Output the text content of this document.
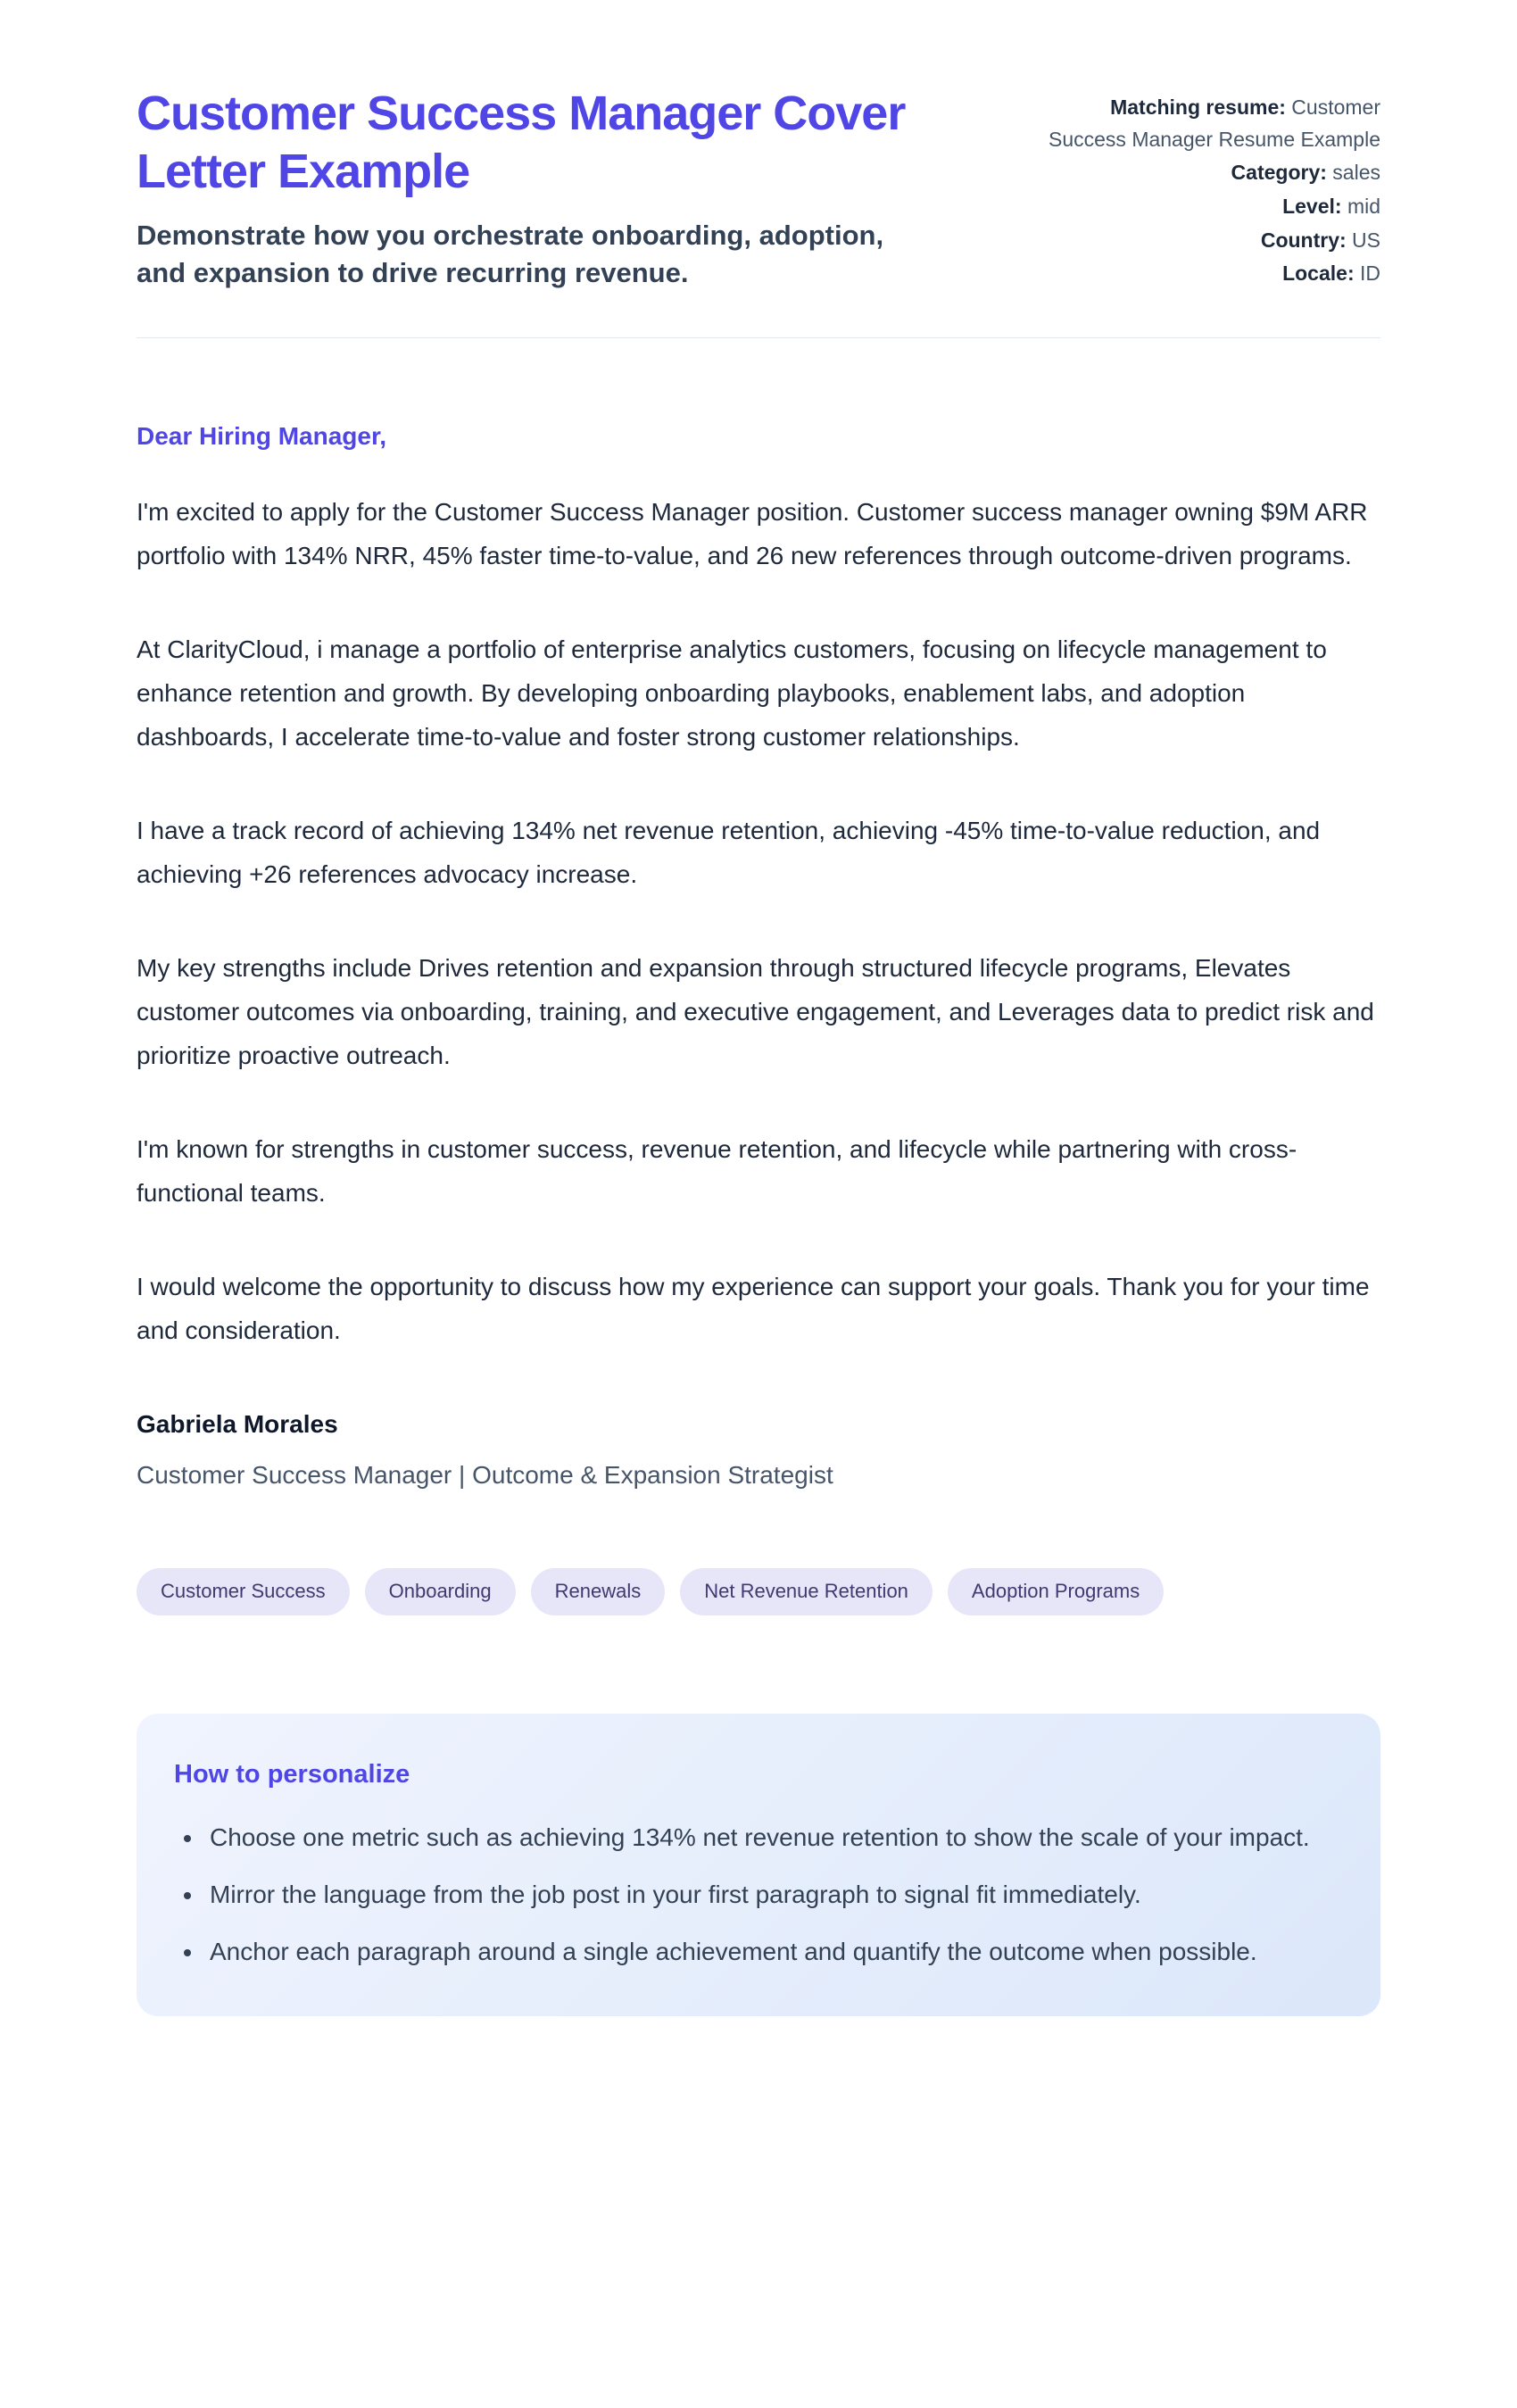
Customer Success Manager Cover Letter Example

Demonstrate how you orchestrate onboarding, adoption, and expansion to drive recurring revenue.

Matching resume: Customer Success Manager Resume Example
Category: sales
Level: mid
Country: US
Locale: ID

Dear Hiring Manager,

I'm excited to apply for the Customer Success Manager position. Customer success manager owning $9M ARR portfolio with 134% NRR, 45% faster time-to-value, and 26 new references through outcome-driven programs.

At ClarityCloud, i manage a portfolio of enterprise analytics customers, focusing on lifecycle management to enhance retention and growth. By developing onboarding playbooks, enablement labs, and adoption dashboards, I accelerate time-to-value and foster strong customer relationships.

I have a track record of achieving 134% net revenue retention, achieving -45% time-to-value reduction, and achieving +26 references advocacy increase.

My key strengths include Drives retention and expansion through structured lifecycle programs, Elevates customer outcomes via onboarding, training, and executive engagement, and Leverages data to predict risk and prioritize proactive outreach.

I'm known for strengths in customer success, revenue retention, and lifecycle while partnering with cross-functional teams.

I would welcome the opportunity to discuss how my experience can support your goals. Thank you for your time and consideration.

Gabriela Morales

Customer Success Manager | Outcome & Expansion Strategist

Customer Success	Onboarding	Renewals	Net Revenue Retention	Adoption Programs
How to personalize
• Choose one metric such as achieving 134% net revenue retention to show the scale of your impact.
• Mirror the language from the job post in your first paragraph to signal fit immediately.
• Anchor each paragraph around a single achievement and quantify the outcome when possible.
